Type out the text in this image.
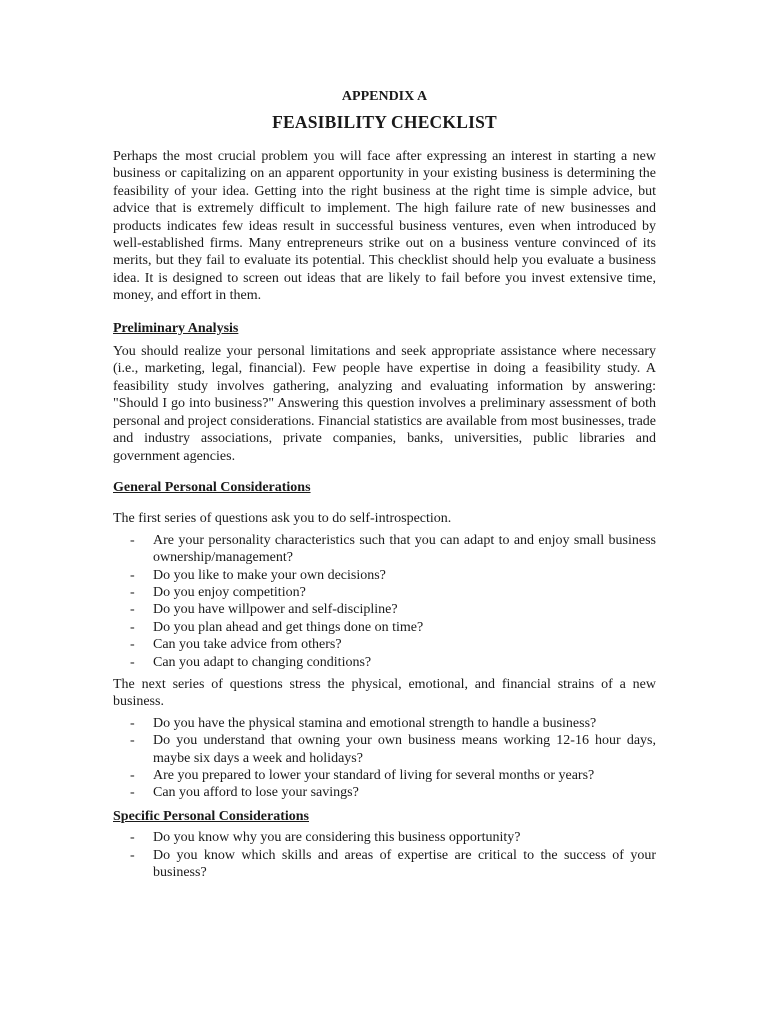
APPENDIX A
FEASIBILITY CHECKLIST

Perhaps the most crucial problem you will face after expressing an interest in starting a new business or capitalizing on an apparent opportunity in your existing business is determining the feasibility of your idea. Getting into the right business at the right time is simple advice, but advice that is extremely difficult to implement. The high failure rate of new businesses and products indicates few ideas result in successful business ventures, even when introduced by well-established firms. Many entrepreneurs strike out on a business venture convinced of its merits, but they fail to evaluate its potential. This checklist should help you evaluate a business idea. It is designed to screen out ideas that are likely to fail before you invest extensive time, money, and effort in them.

Preliminary Analysis

You should realize your personal limitations and seek appropriate assistance where necessary (i.e., marketing, legal, financial). Few people have expertise in doing a feasibility study. A feasibility study involves gathering, analyzing and evaluating information by answering: "Should I go into business?" Answering this question involves a preliminary assessment of both personal and project considerations. Financial statistics are available from most businesses, trade and industry associations, private companies, banks, universities, public libraries and government agencies.

General Personal Considerations

The first series of questions ask you to do self-introspection.

- Are your personality characteristics such that you can adapt to and enjoy small business ownership/management?
- Do you like to make your own decisions?
- Do you enjoy competition?
- Do you have willpower and self-discipline?
- Do you plan ahead and get things done on time?
- Can you take advice from others?
- Can you adapt to changing conditions?

The next series of questions stress the physical, emotional, and financial strains of a new business.

- Do you have the physical stamina and emotional strength to handle a business?
- Do you understand that owning your own business means working 12-16 hour days, maybe six days a week and holidays?
- Are you prepared to lower your standard of living for several months or years?
- Can you afford to lose your savings?
Specific Personal Considerations
- Do you know why you are considering this business opportunity?
- Do you know which skills and areas of expertise are critical to the success of your business?
